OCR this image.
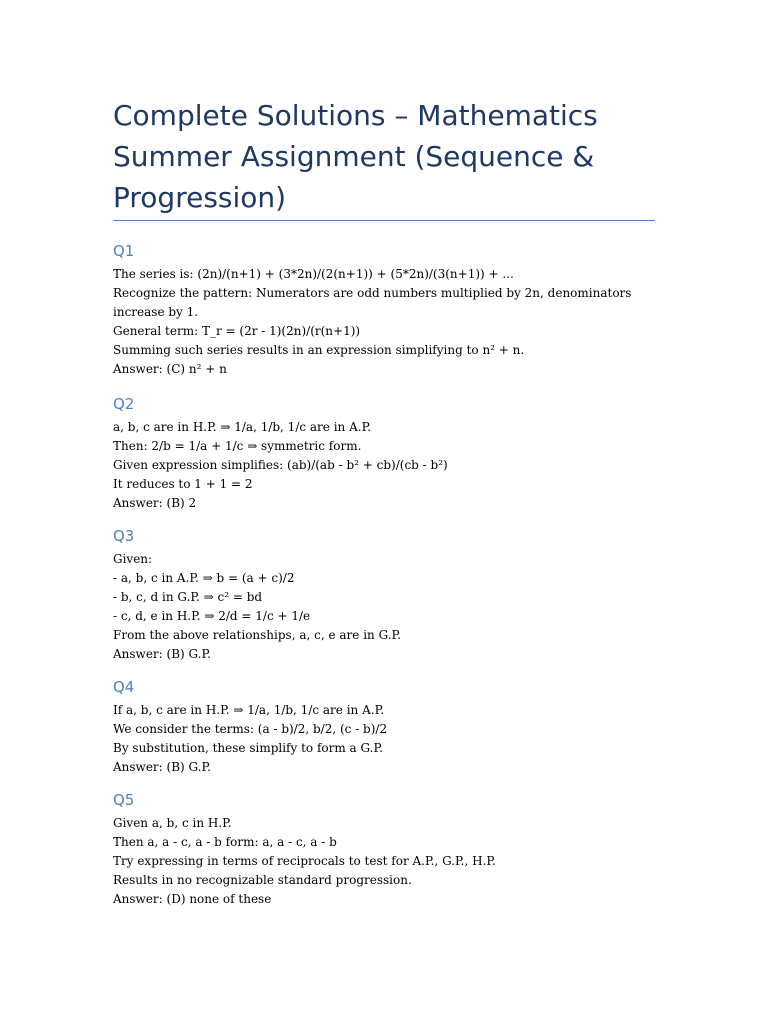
Complete Solutions – Mathematics Summer Assignment (Sequence & Progression)
Q1

The series is: (2n)/(n+1) + (3*2n)/(2(n+1)) + (5*2n)/(3(n+1)) + ...

Recognize the pattern: Numerators are odd numbers multiplied by 2n, denominators increase by 1.

General term: T_r = (2r - 1)(2n)/(r(n+1))

Summing such series results in an expression simplifying to n² + n.

Answer: (C) n² + n

Q2

a, b, c are in H.P. ⇒ 1/a, 1/b, 1/c are in A.P.

Then: 2/b = 1/a + 1/c ⇒ symmetric form.

Given expression simplifies: (ab)/(ab - b² + cb)/(cb - b²)

It reduces to 1 + 1 = 2

Answer: (B) 2

Q3

Given:

- a, b, c in A.P. ⇒ b = (a + c)/2

- b, c, d in G.P. ⇒ c² = bd

- c, d, e in H.P. ⇒ 2/d = 1/c + 1/e

From the above relationships, a, c, e are in G.P.

Answer: (B) G.P.

Q4

If a, b, c are in H.P. ⇒ 1/a, 1/b, 1/c are in A.P.

We consider the terms: (a - b)/2, b/2, (c - b)/2

By substitution, these simplify to form a G.P.

Answer: (B) G.P.

Q5

Given a, b, c in H.P.

Then a, a - c, a - b form: a, a - c, a - b

Try expressing in terms of reciprocals to test for A.P., G.P., H.P.

Results in no recognizable standard progression.

Answer: (D) none of these
